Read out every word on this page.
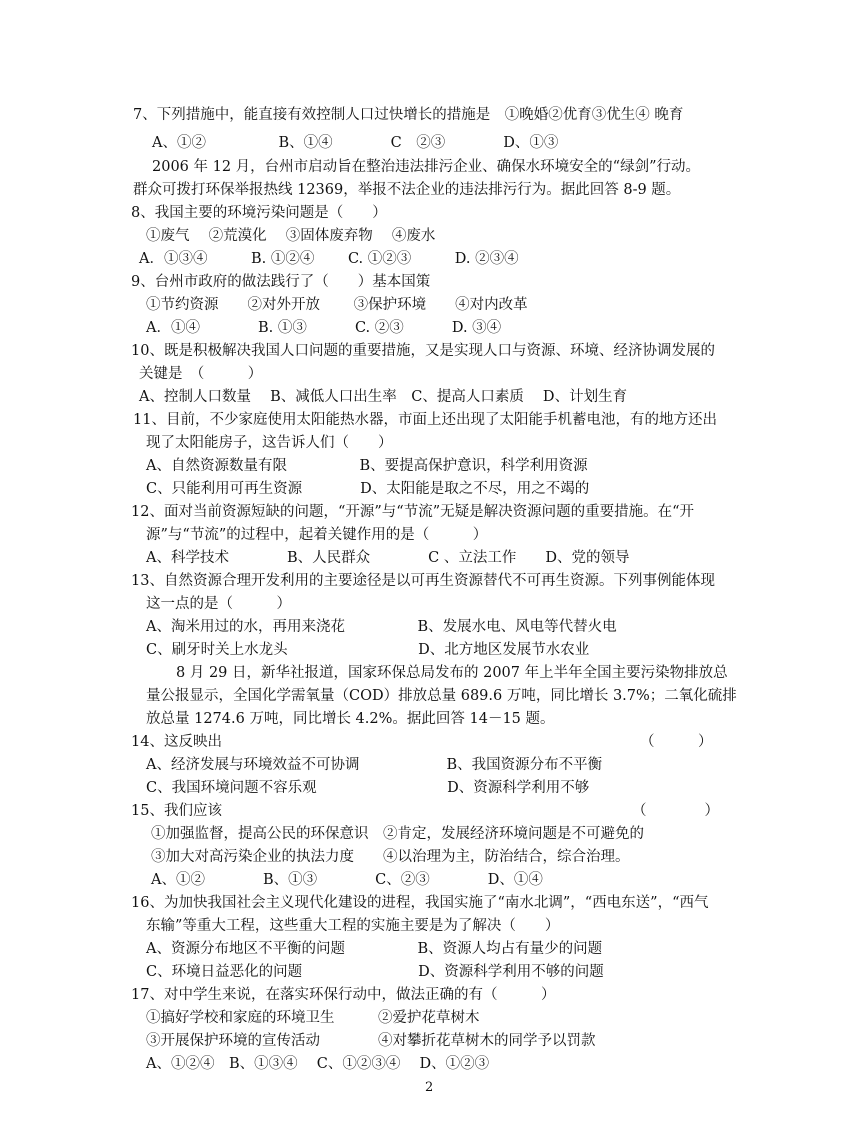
7、下列措施中，能直接有效控制人口过快增长的措施是　①晚婚②优育③优生④ 晚育
A、①②　　　　　B、①④　　　　C　②③　　　　D、①③
2006 年 12 月，台州市启动旨在整治违法排污企业、确保水环境安全的“绿剑”行动。
群众可拨打环保举报热线 12369，举报不法企业的违法排污行为。据此回答 8-9 题。
8、我国主要的环境污染问题是（　　）
①废气　 ②荒漠化　 ③固体废弃物　 ④废水
A．①③④　　　B. ①②④　　 C. ①②③　　　D. ②③④
9、台州市政府的做法践行了（　　）基本国策
①节约资源　　②对外开放　　 ③保护环境　　④对内改革
A．①④　　　　B. ①③　　　 C. ②③　　　 D. ③④
10、既是积极解决我国人口问题的重要措施，又是实现人口与资源、环境、经济协调发展的
关键是　（　　　）
A、控制人口数量　 B、减低人口出生率　C、提高人口素质　 D、计划生育
11、目前，不少家庭使用太阳能热水器，市面上还出现了太阳能手机蓄电池，有的地方还出
现了太阳能房子，这告诉人们（　　）
A、自然资源数量有限　　　　　B、要提高保护意识，科学利用资源
C、只能利用可再生资源　　　　D、太阳能是取之不尽，用之不竭的
12、面对当前资源短缺的问题，“开源”与“节流”无疑是解决资源问题的重要措施。在“开
源”与“节流”的过程中，起着关键作用的是（　　　）
A、科学技术　　　　B、人民群众　　　　C 、立法工作　　D、党的领导
13、自然资源合理开发利用的主要途径是以可再生资源替代不可再生资源。下列事例能体现
这一点的是（　　　）
A、淘米用过的水，再用来浇花　　　　　B、发展水电、风电等代替火电
C、刷牙时关上水龙头　　　　　　　　　D、北方地区发展节水农业
8 月 29 日，新华社报道，国家环保总局发布的 2007 年上半年全国主要污染物排放总
量公报显示，全国化学需氧量（COD）排放总量 689.6 万吨，同比增长 3.7%；二氧化硫排
放总量 1274.6 万吨，同比增长 4.2%。据此回答 14－15 题。
14、这反映出	（　　　）
A、经济发展与环境效益不可协调　　　　　　B、我国资源分布不平衡
C、我国环境问题不容乐观　　　　　　　　　D、资源科学利用不够
15、我们应该	（　　　　）
①加强监督，提高公民的环保意识　②肯定，发展经济环境问题是不可避免的
③加大对高污染企业的执法力度　　④以治理为主，防治结合，综合治理。
A、①②　　　　B、①③　　　　C、②③　　　　D、①④
16、为加快我国社会主义现代化建设的进程，我国实施了“南水北调”，“西电东送”，“西气
东输”等重大工程，这些重大工程的实施主要是为了解决（　　）
A、资源分布地区不平衡的问题　　　　　B、资源人均占有量少的问题
C、环境日益恶化的问题　　　　　　　　D、资源科学利用不够的问题
17、对中学生来说，在落实环保行动中，做法正确的有（　　　）
①搞好学校和家庭的环境卫生　　　②爱护花草树木
③开展保护环境的宣传活动　　　　④对攀折花草树木的同学予以罚款
A、①②④　B、①③④　 C、①②③④　 D、①②③
2
